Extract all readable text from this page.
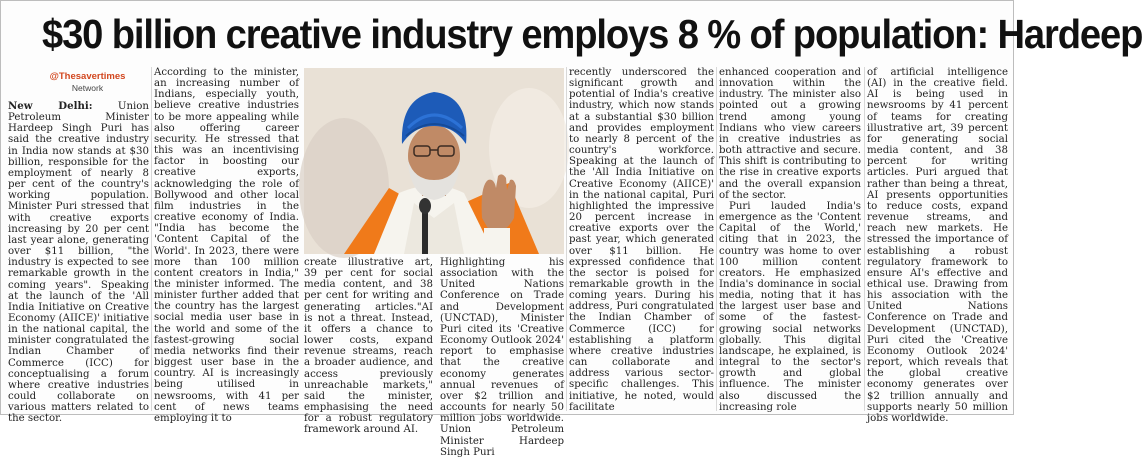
$30 billion creative industry employs 8 % of population: Hardeep
@Thesavertimes
Network

New Delhi: Union Petroleum Minister Hardeep Singh Puri has said the creative industry in India now stands at $30 billion, responsible for the employment of nearly 8 per cent of the country's working population. Minister Puri stressed that with creative exports increasing by 20 per cent last year alone, generating over $11 billion, "the industry is expected to see remarkable growth in the coming years". Speaking at the launch of the 'All India Initiative on Creative Economy (AIICE)' initiative in the national capital, the minister congratulated the Indian Chamber of Commerce (ICC) for conceptualising a forum where creative industries could collaborate on various matters related to the sector.

According to the minister, an increasing number of Indians, especially youth, believe creative industries to be more appealing while also offering career security. He stressed that this was an incentivising factor in boosting our creative exports, acknowledging the role of Bollywood and other local film industries in the creative economy of India. "India has become the 'Content Capital of the World'. In 2023, there were more than 100 million content creators in India," the minister informed. The minister further added that the country has the largest social media user base in the world and some of the fastest-growing social media networks find their biggest user base in the country. AI is increasingly being utilised in newsrooms, with 41 per cent of news teams employing it to

create illustrative art, 39 per cent for social media content, and 38 per cent for writing and generating articles."AI is not a threat. Instead, it offers a chance to lower costs, expand revenue streams, reach a broader audience, and access previously unreachable markets," said the minister, emphasising the need for a robust regulatory framework around AI.

Highlighting his association with the United Nations Conference on Trade and Development (UNCTAD), Minister Puri cited its 'Creative Economy Outlook 2024' report to emphasise that the creative economy generates annual revenues of over $2 trillion and accounts for nearly 50 million jobs worldwide. Union Petroleum Minister Hardeep Singh Puri

recently underscored the significant growth and potential of India's creative industry, which now stands at a substantial $30 billion and provides employment to nearly 8 percent of the country's workforce. Speaking at the launch of the 'All India Initiative on Creative Economy (AIICE)' in the national capital, Puri highlighted the impressive 20 percent increase in creative exports over the past year, which generated over $11 billion. He expressed confidence that the sector is poised for remarkable growth in the coming years. During his address, Puri congratulated the Indian Chamber of Commerce (ICC) for establishing a platform where creative industries can collaborate and address various sector-specific challenges. This initiative, he noted, would facilitate

enhanced cooperation and innovation within the industry. The minister also pointed out a growing trend among young Indians who view careers in creative industries as both attractive and secure. This shift is contributing to the rise in creative exports and the overall expansion of the sector.

Puri lauded India's emergence as the 'Content Capital of the World,' citing that in 2023, the country was home to over 100 million content creators. He emphasized India's dominance in social media, noting that it has the largest user base and some of the fastest-growing social networks globally. This digital landscape, he explained, is integral to the sector's growth and global influence. The minister also discussed the increasing role

of artificial intelligence (AI) in the creative field. AI is being used in newsrooms by 41 percent of teams for creating illustrative art, 39 percent for generating social media content, and 38 percent for writing articles. Puri argued that rather than being a threat, AI presents opportunities to reduce costs, expand revenue streams, and reach new markets. He stressed the importance of establishing a robust regulatory framework to ensure AI's effective and ethical use. Drawing from his association with the United Nations Conference on Trade and Development (UNCTAD), Puri cited the 'Creative Economy Outlook 2024' report, which reveals that the global creative economy generates over $2 trillion annually and supports nearly 50 million jobs worldwide.
